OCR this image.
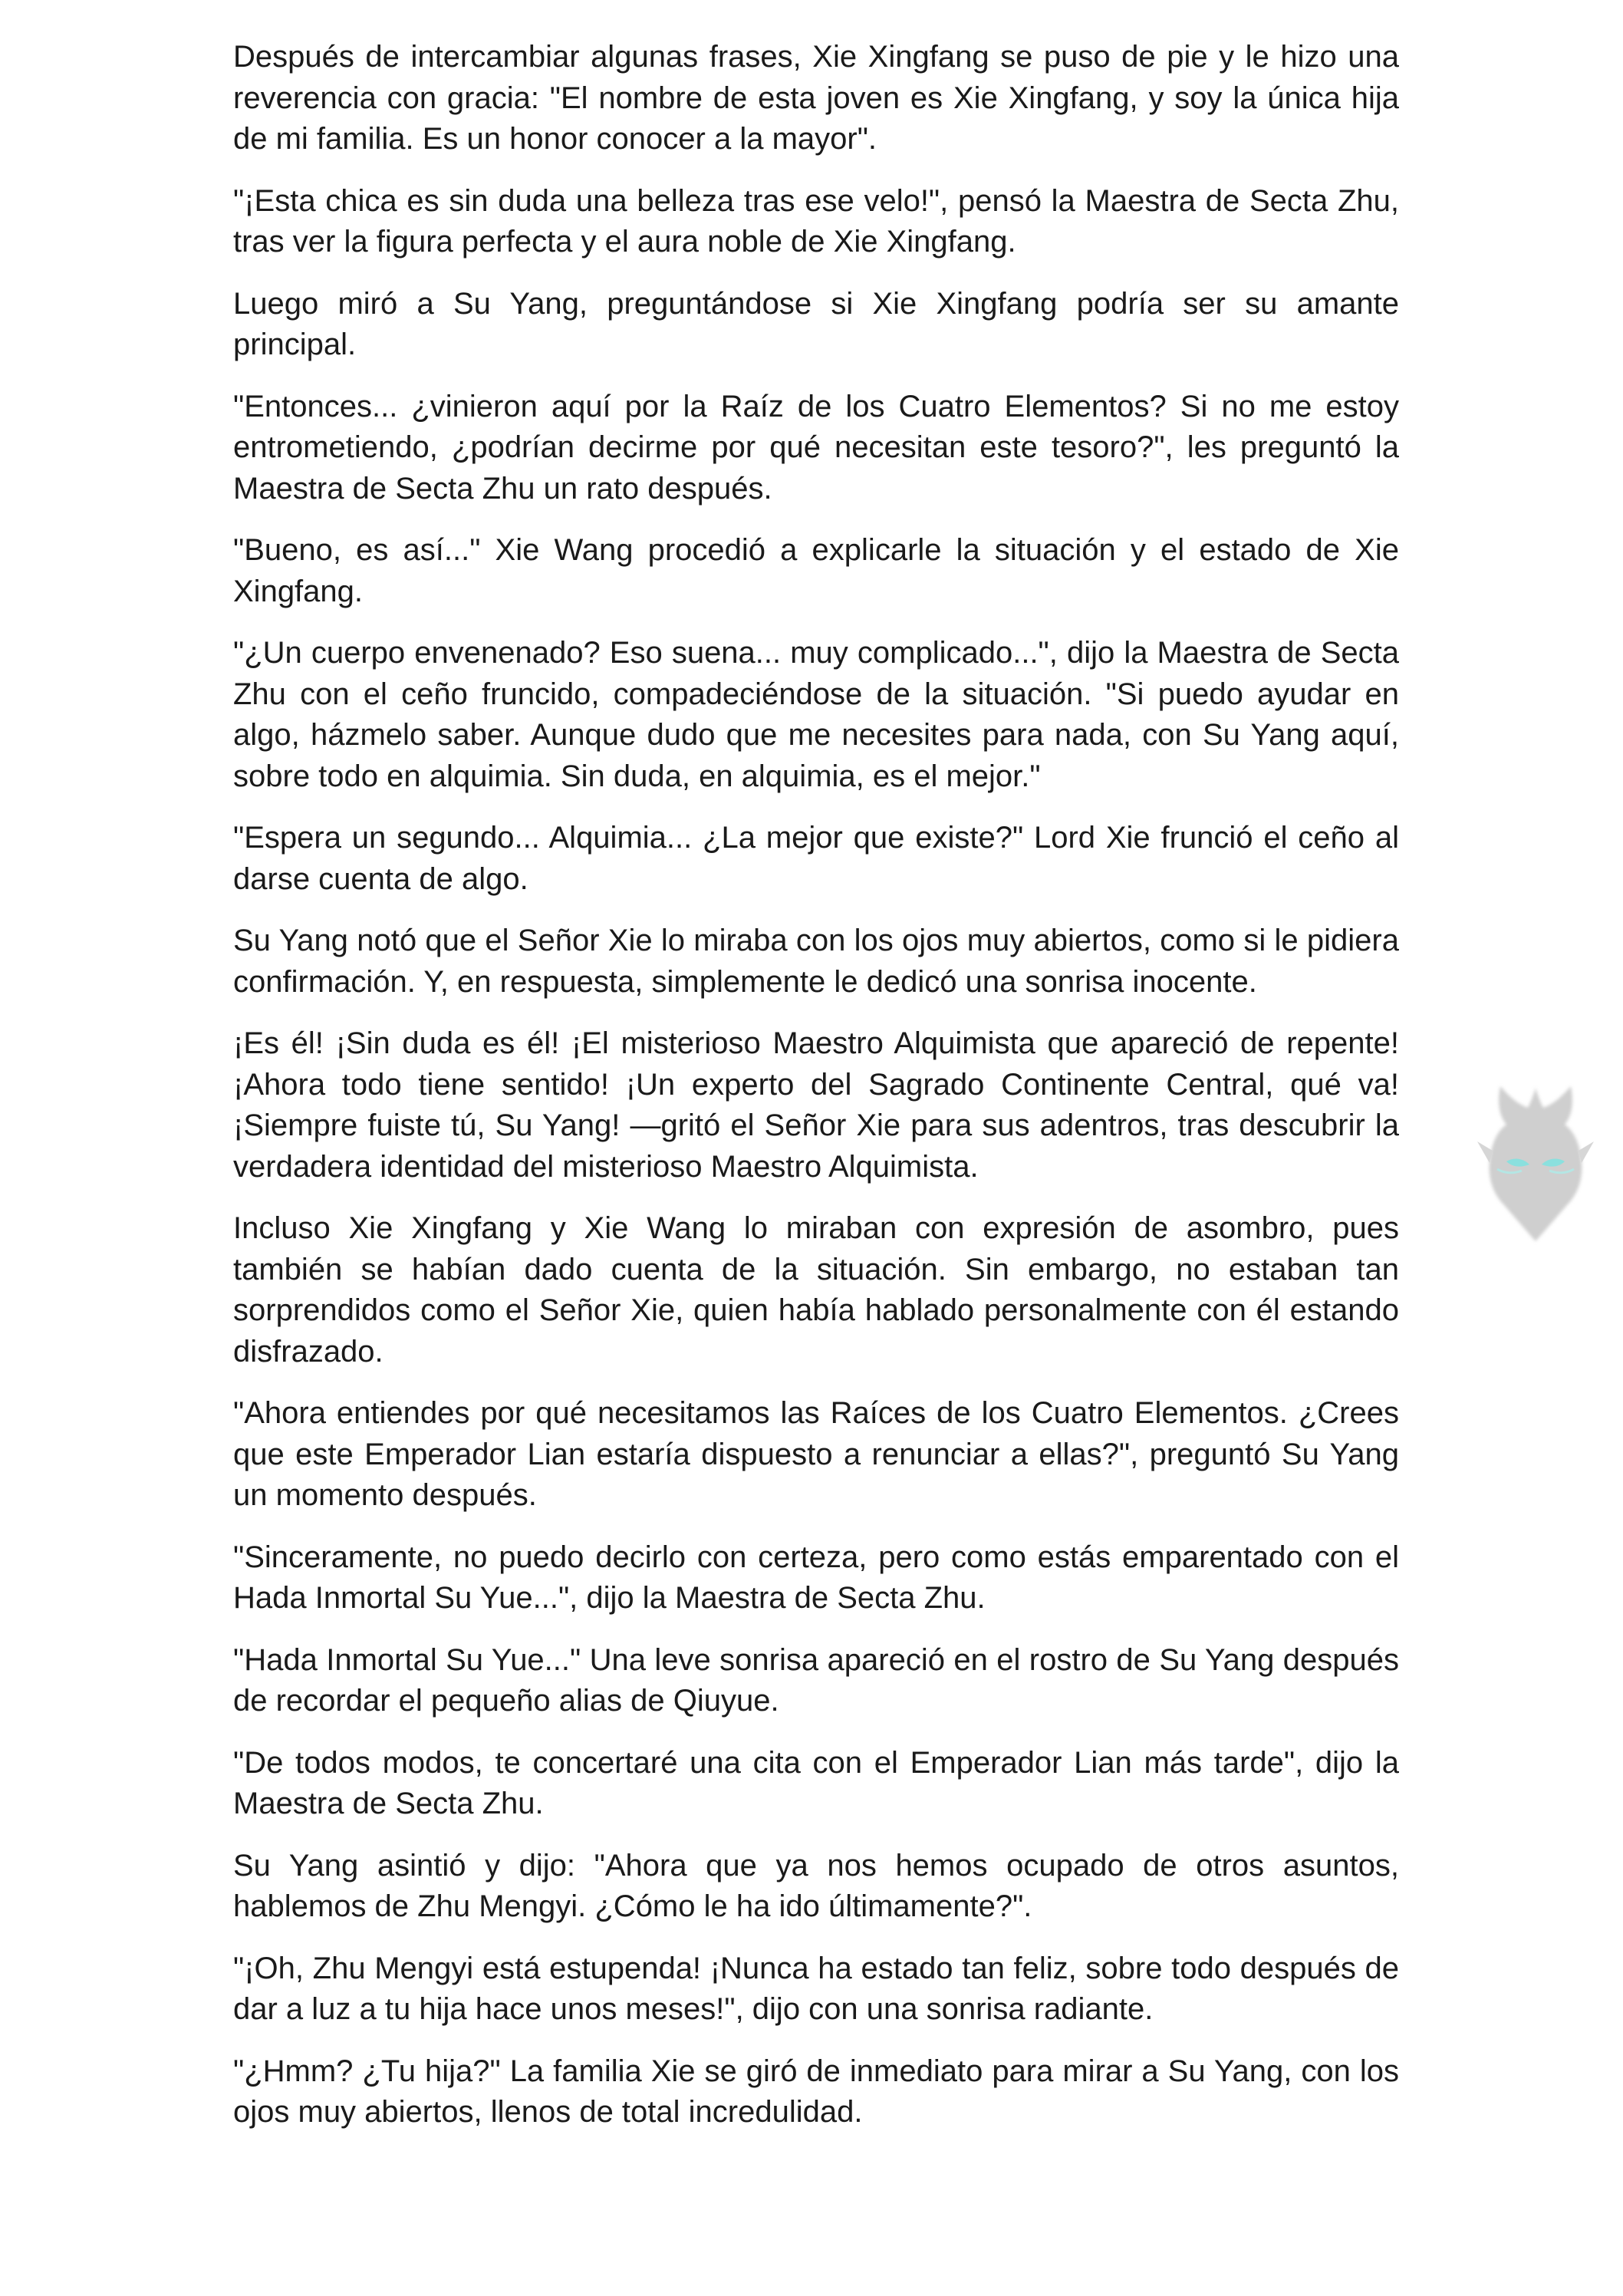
Después de intercambiar algunas frases, Xie Xingfang se puso de pie y le hizo una reverencia con gracia: "El nombre de esta joven es Xie Xingfang, y soy la única hija de mi familia. Es un honor conocer a la mayor".

"¡Esta chica es sin duda una belleza tras ese velo!", pensó la Maestra de Secta Zhu, tras ver la figura perfecta y el aura noble de Xie Xingfang.

Luego miró a Su Yang, preguntándose si Xie Xingfang podría ser su amante principal.

"Entonces... ¿vinieron aquí por la Raíz de los Cuatro Elementos? Si no me estoy entrometiendo, ¿podrían decirme por qué necesitan este tesoro?", les preguntó la Maestra de Secta Zhu un rato después.

"Bueno, es así..." Xie Wang procedió a explicarle la situación y el estado de Xie Xingfang.

"¿Un cuerpo envenenado? Eso suena... muy complicado...", dijo la Maestra de Secta Zhu con el ceño fruncido, compadeciéndose de la situación. "Si puedo ayudar en algo, házmelo saber. Aunque dudo que me necesites para nada, con Su Yang aquí, sobre todo en alquimia. Sin duda, en alquimia, es el mejor."

"Espera un segundo... Alquimia... ¿La mejor que existe?" Lord Xie frunció el ceño al darse cuenta de algo.

Su Yang notó que el Señor Xie lo miraba con los ojos muy abiertos, como si le pidiera confirmación. Y, en respuesta, simplemente le dedicó una sonrisa inocente.

¡Es él! ¡Sin duda es él! ¡El misterioso Maestro Alquimista que apareció de repente! ¡Ahora todo tiene sentido! ¡Un experto del Sagrado Continente Central, qué va! ¡Siempre fuiste tú, Su Yang! —gritó el Señor Xie para sus adentros, tras descubrir la verdadera identidad del misterioso Maestro Alquimista.

Incluso Xie Xingfang y Xie Wang lo miraban con expresión de asombro, pues también se habían dado cuenta de la situación. Sin embargo, no estaban tan sorprendidos como el Señor Xie, quien había hablado personalmente con él estando disfrazado.

"Ahora entiendes por qué necesitamos las Raíces de los Cuatro Elementos. ¿Crees que este Emperador Lian estaría dispuesto a renunciar a ellas?", preguntó Su Yang un momento después.

"Sinceramente, no puedo decirlo con certeza, pero como estás emparentado con el Hada Inmortal Su Yue...", dijo la Maestra de Secta Zhu.

"Hada Inmortal Su Yue..." Una leve sonrisa apareció en el rostro de Su Yang después de recordar el pequeño alias de Qiuyue.

"De todos modos, te concertaré una cita con el Emperador Lian más tarde", dijo la Maestra de Secta Zhu.

Su Yang asintió y dijo: "Ahora que ya nos hemos ocupado de otros asuntos, hablemos de Zhu Mengyi. ¿Cómo le ha ido últimamente?".

"¡Oh, Zhu Mengyi está estupenda! ¡Nunca ha estado tan feliz, sobre todo después de dar a luz a tu hija hace unos meses!", dijo con una sonrisa radiante.

"¿Hmm? ¿Tu hija?" La familia Xie se giró de inmediato para mirar a Su Yang, con los ojos muy abiertos, llenos de total incredulidad.
